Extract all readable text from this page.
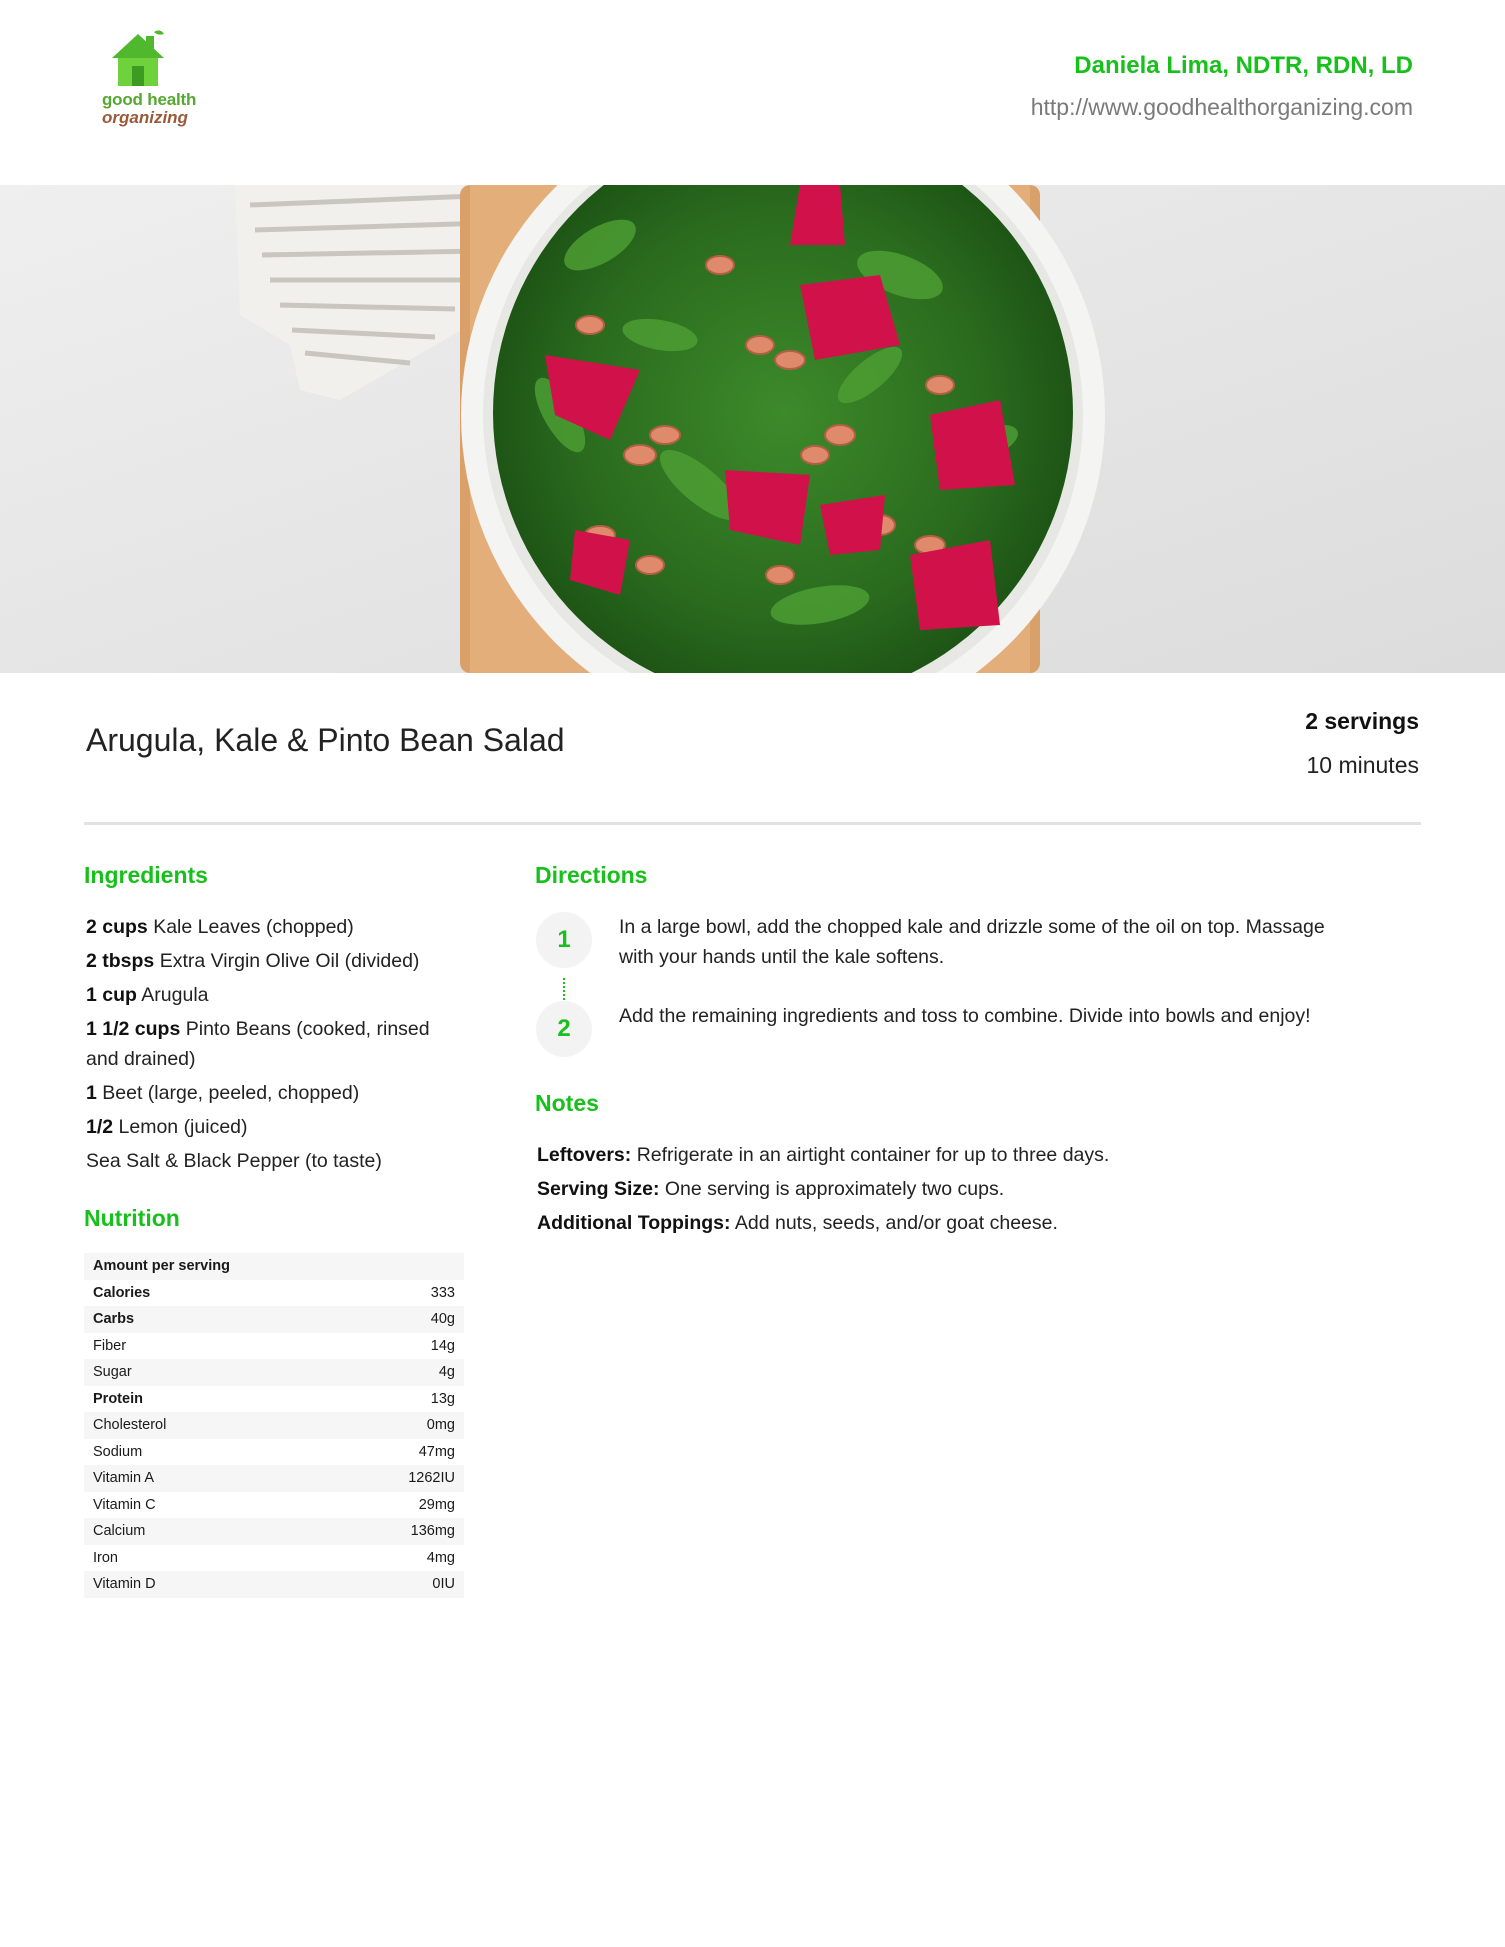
good health
organizing
Daniela Lima, NDTR, RDN, LD
http://www.goodhealthorganizing.com
Arugula, Kale & Pinto Bean Salad
2 servings
10 minutes
Ingredients
2 cups Kale Leaves (chopped)
2 tbsps Extra Virgin Olive Oil (divided)
1 cup Arugula
1 1/2 cups Pinto Beans (cooked, rinsed and drained)
1 Beet (large, peeled, chopped)
1/2 Lemon (juiced)
Sea Salt & Black Pepper (to taste)
Nutrition
Amount per serving	
Calories	333
Carbs	40g
Fiber	14g
Sugar	4g
Protein	13g
Cholesterol	0mg
Sodium	47mg
Vitamin A	1262IU
Vitamin C	29mg
Calcium	136mg
Iron	4mg
Vitamin D	0IU
Directions
1
2
In a large bowl, add the chopped kale and drizzle some of the oil on top. Massage with your hands until the kale softens.
Add the remaining ingredients and toss to combine. Divide into bowls and enjoy!
Notes
Leftovers: Refrigerate in an airtight container for up to three days.
Serving Size: One serving is approximately two cups.
Additional Toppings: Add nuts, seeds, and/or goat cheese.
